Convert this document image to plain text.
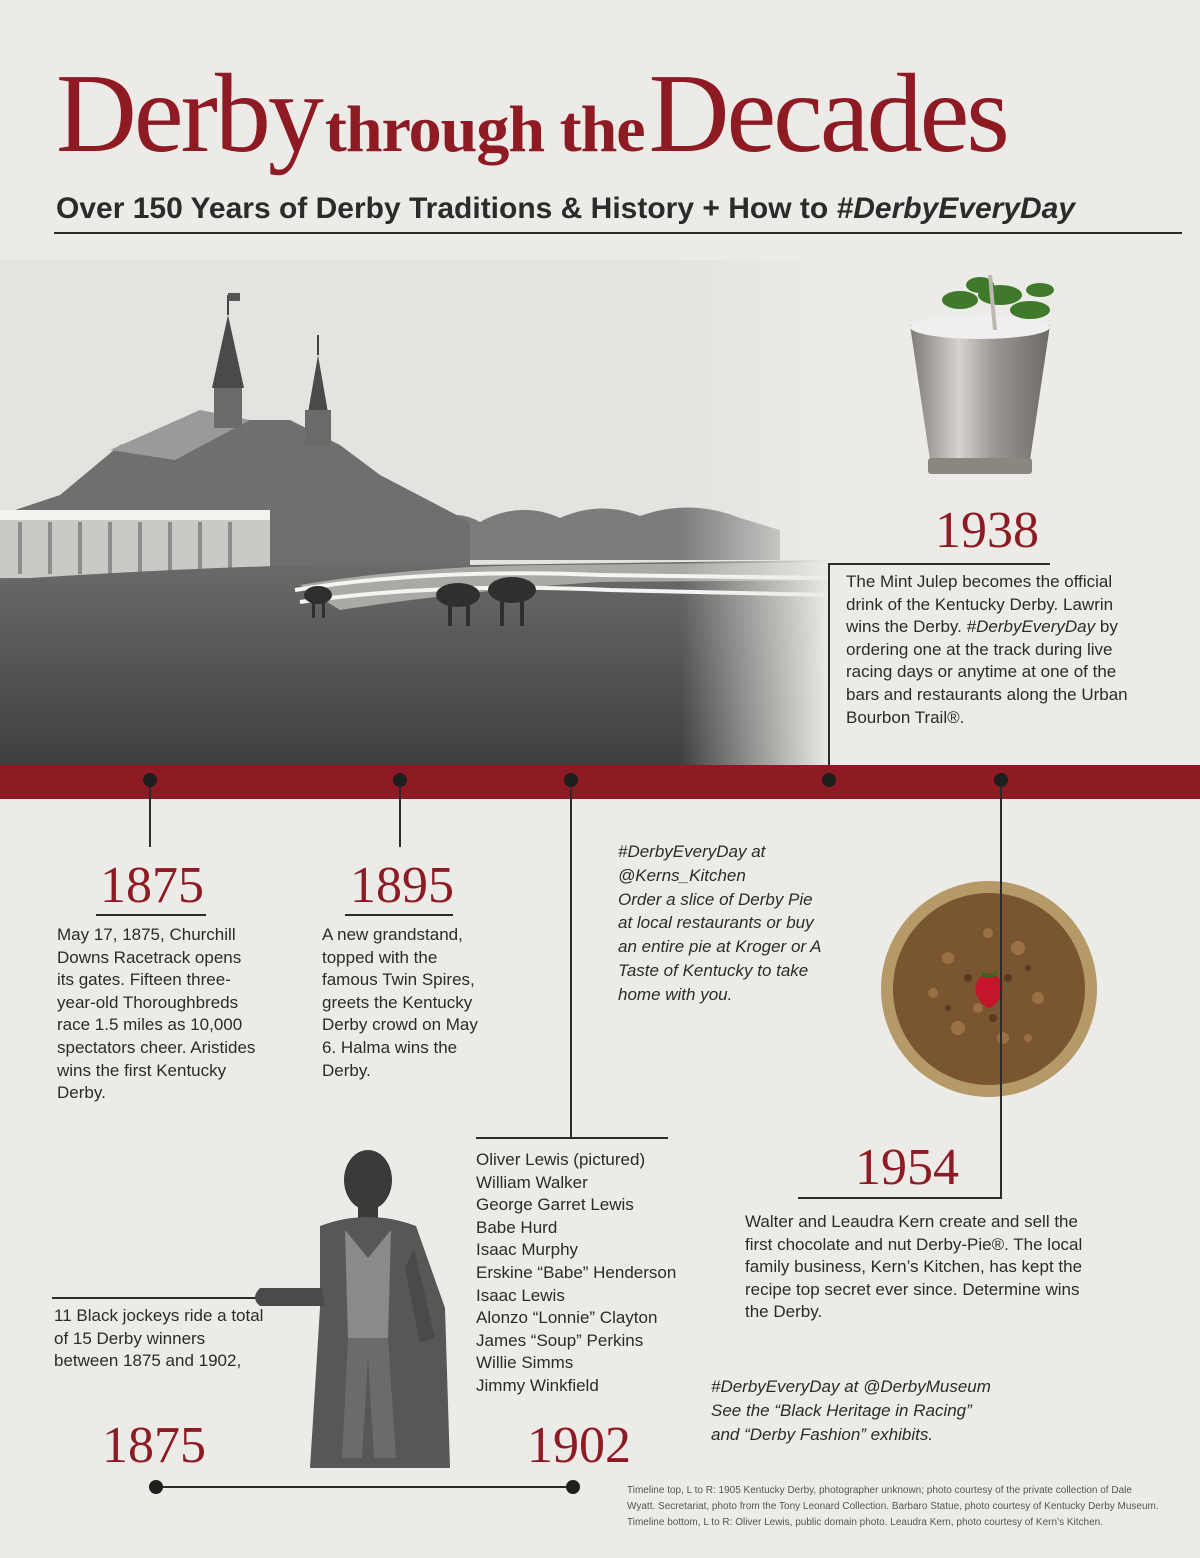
Derby through the Decades
Over 150 Years of Derby Traditions & History + How to #DerbyEveryDay
1938
The Mint Julep becomes the official drink of the Kentucky Derby. Lawrin wins the Derby. #DerbyEveryDay by ordering one at the track during live racing days or anytime at one of the bars and restaurants along the Urban Bourbon Trail®.
1875
May 17, 1875, Churchill Downs Racetrack opens its gates. Fifteen three-year-old Thoroughbreds race 1.5 miles as 10,000 spectators cheer. Aristides wins the first Kentucky Derby.
1895
A new grandstand, topped with the famous Twin Spires, greets the Kentucky Derby crowd on May 6. Halma wins the Derby.
#DerbyEveryDay at
@Kerns_Kitchen
Order a slice of Derby Pie at local restaurants or buy an entire pie at Kroger or A Taste of Kentucky to take home with you.
Oliver Lewis (pictured)
William Walker
George Garret Lewis
Babe Hurd
Isaac Murphy
Erskine “Babe” Henderson
Isaac Lewis
Alonzo “Lonnie” Clayton
James “Soup” Perkins
Willie Simms
Jimmy Winkfield
1954
Walter and Leaudra Kern create and sell the first chocolate and nut Derby-Pie®. The local family business, Kern’s Kitchen, has kept the recipe top secret ever since. Determine wins the Derby.
11 Black jockeys ride a total of 15 Derby winners between 1875 and 1902,
1875	1902
#DerbyEveryDay at @DerbyMuseum
See the “Black Heritage in Racing”
and “Derby Fashion” exhibits.
Timeline top, L to R: 1905 Kentucky Derby, photographer unknown; photo courtesy of the private collection of Dale
Wyatt. Secretariat, photo from the Tony Leonard Collection. Barbaro Statue, photo courtesy of Kentucky Derby Museum.
Timeline bottom, L to R: Oliver Lewis, public domain photo. Leaudra Kern, photo courtesy of Kern’s Kitchen.
